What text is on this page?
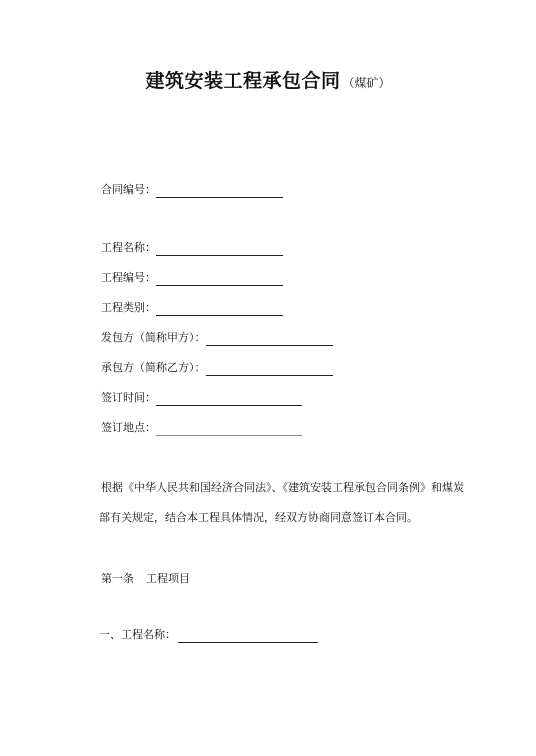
建筑安装工程承包合同 （煤矿）
合同编号：
工程名称：
工程编号：
工程类别：
发包方（简称甲方）：
承包方（简称乙方）：
签订时间：
签订地点：
根据《中华人民共和国经济合同法》、《建筑安装工程承包合同条例》和煤炭
部有关规定，结合本工程具体情况，经双方协商同意签订本合同。
第一条 工程项目
一、工程名称：
